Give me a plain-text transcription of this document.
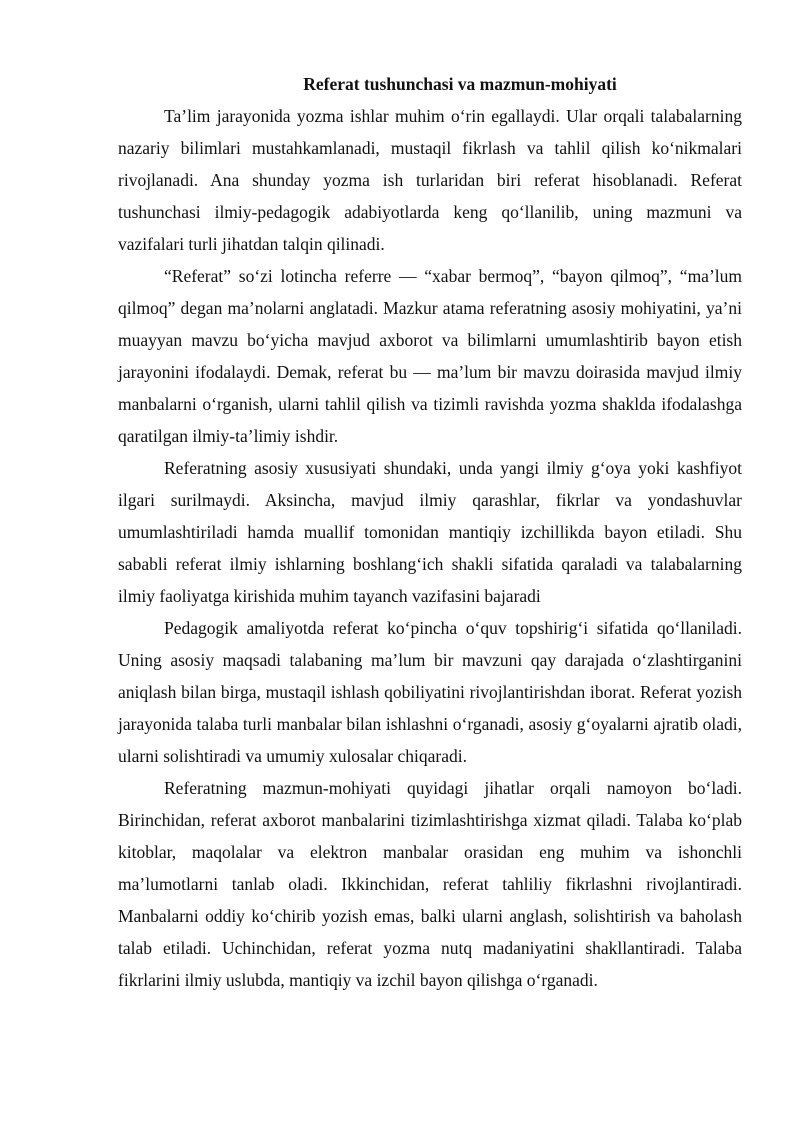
Referat tushunchasi va mazmun-mohiyati

Ta’lim jarayonida yozma ishlar muhim o‘rin egallaydi. Ular orqali talabalarning nazariy bilimlari mustahkamlanadi, mustaqil fikrlash va tahlil qilish ko‘nikmalari rivojlanadi. Ana shunday yozma ish turlaridan biri referat hisoblanadi. Referat tushunchasi ilmiy-pedagogik adabiyotlarda keng qo‘llanilib, uning mazmuni va vazifalari turli jihatdan talqin qilinadi.

“Referat” so‘zi lotincha referre — “xabar bermoq”, “bayon qilmoq”, “ma’lum qilmoq” degan ma’nolarni anglatadi. Mazkur atama referatning asosiy mohiyatini, ya’ni muayyan mavzu bo‘yicha mavjud axborot va bilimlarni umumlashtirib bayon etish jarayonini ifodalaydi. Demak, referat bu — ma’lum bir mavzu doirasida mavjud ilmiy manbalarni o‘rganish, ularni tahlil qilish va tizimli ravishda yozma shaklda ifodalashga qaratilgan ilmiy-ta’limiy ishdir.

Referatning asosiy xususiyati shundaki, unda yangi ilmiy g‘oya yoki kashfiyot ilgari surilmaydi. Aksincha, mavjud ilmiy qarashlar, fikrlar va yondashuvlar umumlashtiriladi hamda muallif tomonidan mantiqiy izchillikda bayon etiladi. Shu sababli referat ilmiy ishlarning boshlang‘ich shakli sifatida qaraladi va talabalarning ilmiy faoliyatga kirishida muhim tayanch vazifasini bajaradi

Pedagogik amaliyotda referat ko‘pincha o‘quv topshirig‘i sifatida qo‘llaniladi. Uning asosiy maqsadi talabaning ma’lum bir mavzuni qay darajada o‘zlashtirganini aniqlash bilan birga, mustaqil ishlash qobiliyatini rivojlantirishdan iborat. Referat yozish jarayonida talaba turli manbalar bilan ishlashni o‘rganadi, asosiy g‘oyalarni ajratib oladi, ularni solishtiradi va umumiy xulosalar chiqaradi.

Referatning mazmun-mohiyati quyidagi jihatlar orqali namoyon bo‘ladi. Birinchidan, referat axborot manbalarini tizimlashtirishga xizmat qiladi. Talaba ko‘plab kitoblar, maqolalar va elektron manbalar orasidan eng muhim va ishonchli ma’lumotlarni tanlab oladi. Ikkinchidan, referat tahliliy fikrlashni rivojlantiradi. Manbalarni oddiy ko‘chirib yozish emas, balki ularni anglash, solishtirish va baholash talab etiladi. Uchinchidan, referat yozma nutq madaniyatini shakllantiradi. Talaba fikrlarini ilmiy uslubda, mantiqiy va izchil bayon qilishga o‘rganadi.
